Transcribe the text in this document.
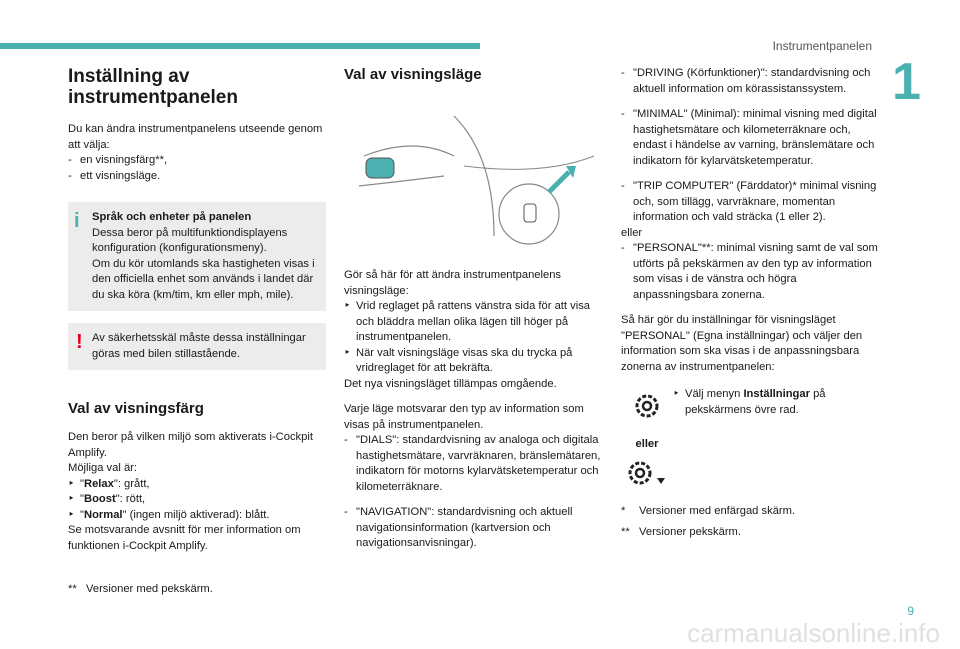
Instrumentpanelen
1
Inställning av instrumentpanelen

Du kan ändra instrumentpanelens utseende genom att välja:

- en visningsfärg**,
- ett visningsläge.
i Språk och enheter på panelen

Dessa beror på multifunktiondisplayens konfiguration (konfigurationsmeny).

Om du kör utomlands ska hastigheten visas i den officiella enhet som används i landet där du ska köra (km/tim, km eller mph, mile).

! Av säkerhetsskäl måste dessa inställningar göras med bilen stillastående.

Val av visningsfärg

Den beror på vilken miljö som aktiverats i-Cockpit Amplify.

Möjliga val är:

‣ "Relax": grått,
‣ "Boost": rött,
‣ "Normal" (ingen miljö aktiverad): blått.

Se motsvarande avsnitt för mer information om funktionen i-Cockpit Amplify.

** Versioner med pekskärm.
Val av visningsläge

Gör så här för att ändra instrumentpanelens visningsläge:

‣ Vrid reglaget på rattens vänstra sida för att visa och bläddra mellan olika lägen till höger på instrumentpanelen.
‣ När valt visningsläge visas ska du trycka på vridreglaget för att bekräfta.

Det nya visningsläget tillämpas omgående.

Varje läge motsvarar den typ av information som visas på instrumentpanelen.

- "DIALS": standardvisning av analoga och digitala hastighetsmätare, varvräknaren, bränslemätaren, indikatorn för motorns kylarvätsketemperatur och kilometerräknare.
- "NAVIGATION": standardvisning och aktuell navigationsinformation (kartversion och navigationsanvisningar).
- "DRIVING (Körfunktioner)": standardvisning och aktuell information om körassistanssystem.
- "MINIMAL" (Minimal): minimal visning med digital hastighetsmätare och kilometerräknare och, endast i händelse av varning, bränslemätare och indikatorn för kylarvätsketemperatur.
- "TRIP COMPUTER" (Färddator)* minimal visning och, som tillägg, varvräknare, momentan information och vald sträcka (1 eller 2).

eller

- "PERSONAL"**: minimal visning samt de val som utförts på pekskärmen av den typ av information som visas i de vänstra och högra anpassningsbara zonerna.

Så här gör du inställningar för visningsläget "PERSONAL" (Egna inställningar) och väljer den information som ska visas i de anpassningsbara zonerna av instrumentpanelen:

eller
‣ Välj menyn Inställningar på pekskärmens övre rad.
*	Versioner med enfärgad skärm.
** Versioner pekskärm.
9
carmanualsonline.info
